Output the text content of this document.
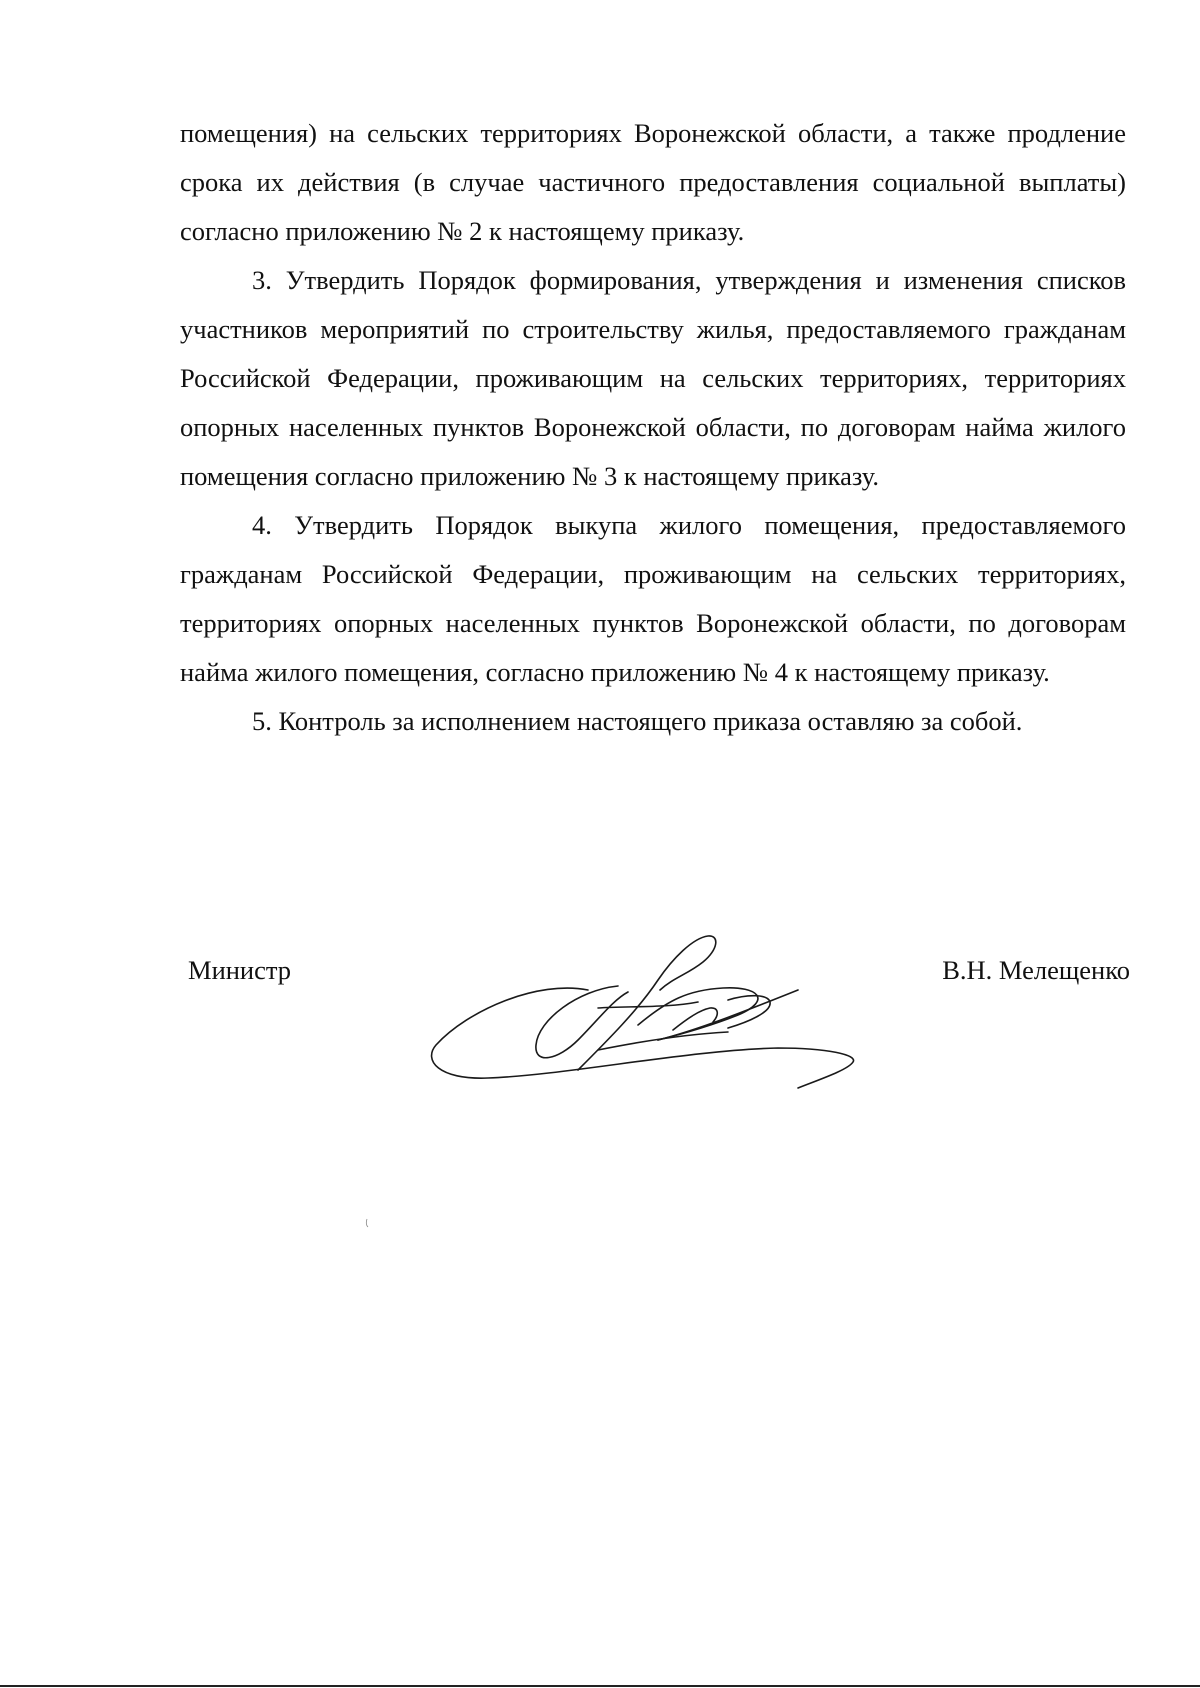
помещения) на сельских территориях Воронежской области, а также продление срока их действия (в случае частичного предоставления социальной выплаты) согласно приложению № 2 к настоящему приказу.

3. Утвердить Порядок формирования, утверждения и изменения списков участников мероприятий по строительству жилья, предоставляемого гражданам Российской Федерации, проживающим на сельских территориях, территориях опорных населенных пунктов Воронежской области, по договорам найма жилого помещения согласно приложению № 3 к настоящему приказу.

4. Утвердить Порядок выкупа жилого помещения, предоставляемого гражданам Российской Федерации, проживающим на сельских территориях, территориях опорных населенных пунктов Воронежской области, по договорам найма жилого помещения, согласно приложению № 4 к настоящему приказу.

5. Контроль за исполнением настоящего приказа оставляю за собой.

Министр	В.Н. Мелещенко
